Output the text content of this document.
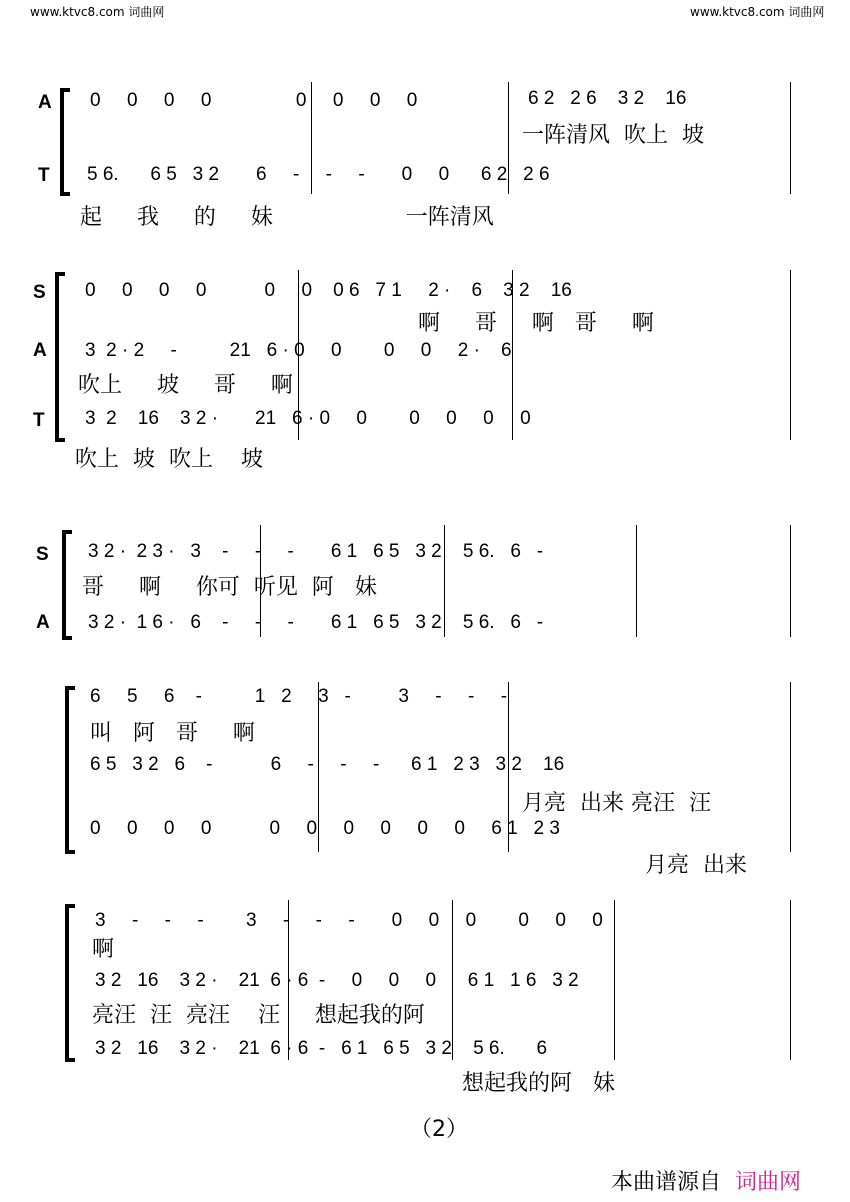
www.ktvc8.com 词曲网	www.ktvc8.com 词曲网
A
T
0     0     0     0                0     0     0     0	6 2   2 6    3 2    16
一阵清风  吹上  坡
5 6.      6 5   3 2       6     -     -     -       0     0      6 2   2 6
起     我     的     妹                   一阵清风
S
A
T
0     0     0     0           0     0    0 6   7 1     2 ·    6    3 2    16
啊     哥     啊   哥     啊
3  2 · 2     -          21   6 · 0     0        0     0     2 ·    6
吹上     坡     哥     啊
3  2    16    3 2 ·       21   6 · 0     0        0     0     0     0
吹上  坡  吹上    坡
S
A
3 2 ·  2 3 ·   3    -     -     -       6 1   6 5   3 2    5 6.   6   -
哥     啊     你可  听见  阿   妹
3 2 ·  1 6 ·   6    -     -     -       6 1   6 5   3 2    5 6.   6   -
6     5     6    -          1   2     3   -         3     -     -     -
叫   阿   哥     啊
6 5   3 2   6    -           6     -     -     -      6 1   2 3   3 2    16
月亮  出来 亮汪  汪
0     0     0     0           0     0     0     0     0     0     6 1   2 3
月亮  出来
3     -     -     -        3     -     -     -       0     0     0        0     0     0
啊
3 2   16    3 2 ·    21  6 · 6  -     0     0     0      6 1   1 6   3 2
亮汪  汪  亮汪    汪     想起我的阿
3 2   16    3 2 ·    21  6 · 6  -   6 1   6 5   3 2    5 6.      6
想起我的阿   妹
（2）
本曲谱源自 词曲网
